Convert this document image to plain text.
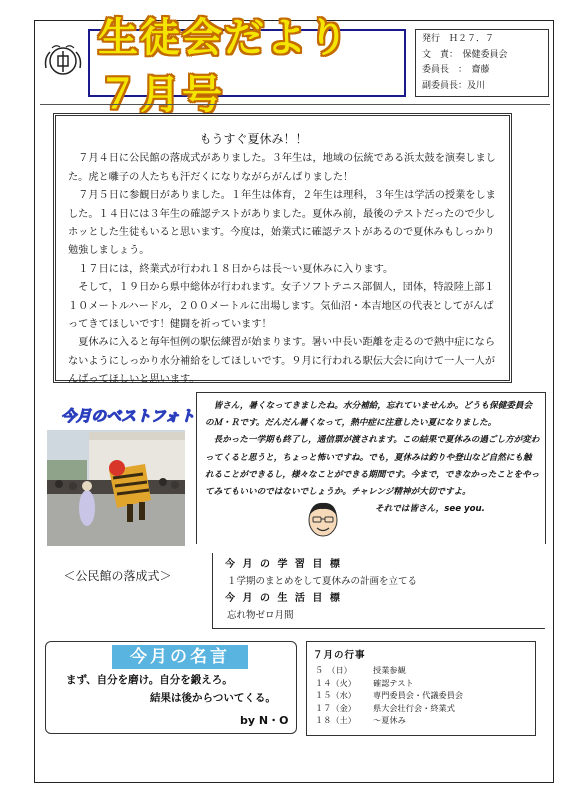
生徒会だより　７月号
発行　Ｈ２７．７
文　責：　保健委員会
委員長　：　齋藤
副委員長：及川
もうすぐ夏休み！！

７月４日に公民館の落成式がありました。３年生は，地域の伝統である浜太鼓を演奏しました。虎と囃子の人たちも汗だくになりながらがんばりました！

７月５日に参観日がありました。１年生は体育，２年生は理科，３年生は学活の授業をしました。１４日には３年生の確認テストがありました。夏休み前，最後のテストだったので少しホッとした生徒もいると思います。今度は，始業式に確認テストがあるので夏休みもしっかり勉強しましょう。

１７日には，終業式が行われ１８日からは長～い夏休みに入ります。

そして，１９日から県中総体が行われます。女子ソフトテニス部個人，団体，特設陸上部１１０メートルハードル，２００メートルに出場します。気仙沼・本吉地区の代表としてがんばってきてほしいです！健闘を祈っています！

夏休みに入ると毎年恒例の駅伝練習が始まります。暑い中長い距離を走るので熱中症にならないようにしっかり水分補給をしてほしいです。９月に行われる駅伝大会に向けて一人一人がんばってほしいと思います。

今月のベストフォト
＜公民館の落成式＞

皆さん，暑くなってきましたね。水分補給，忘れていませんか。どうも保健委員会のＭ・Ｒです。だんだん暑くなって，熱中症に注意したい夏になりました。

長かった一学期も終了し，通信票が渡されます。この結果で夏休みの過ごし方が変わってくると思うと，ちょっと怖いですね。でも，夏休みは釣りや登山など自然にも触れることができるし，様々なことができる期間です。今まで，できなかったことをやってみてもいいのではないでしょうか。チャレンジ精神が大切ですよ。

それでは皆さん，see you.

今 月 の 学 習 目 標
１学期のまとめをして夏休みの計画を立てる
今 月 の 生 活 目 標
忘れ物ゼロ月間
今月の名言
まず、自分を磨け。自分を鍛えろ。
結果は後からついてくる。
by N・O
７月の行事
５　（日）	授業参観
１４（火） 確認テスト
１５（水） 専門委員会・代議委員会
１７（金） 県大会壮行会・終業式
１８（土） ～夏休み
